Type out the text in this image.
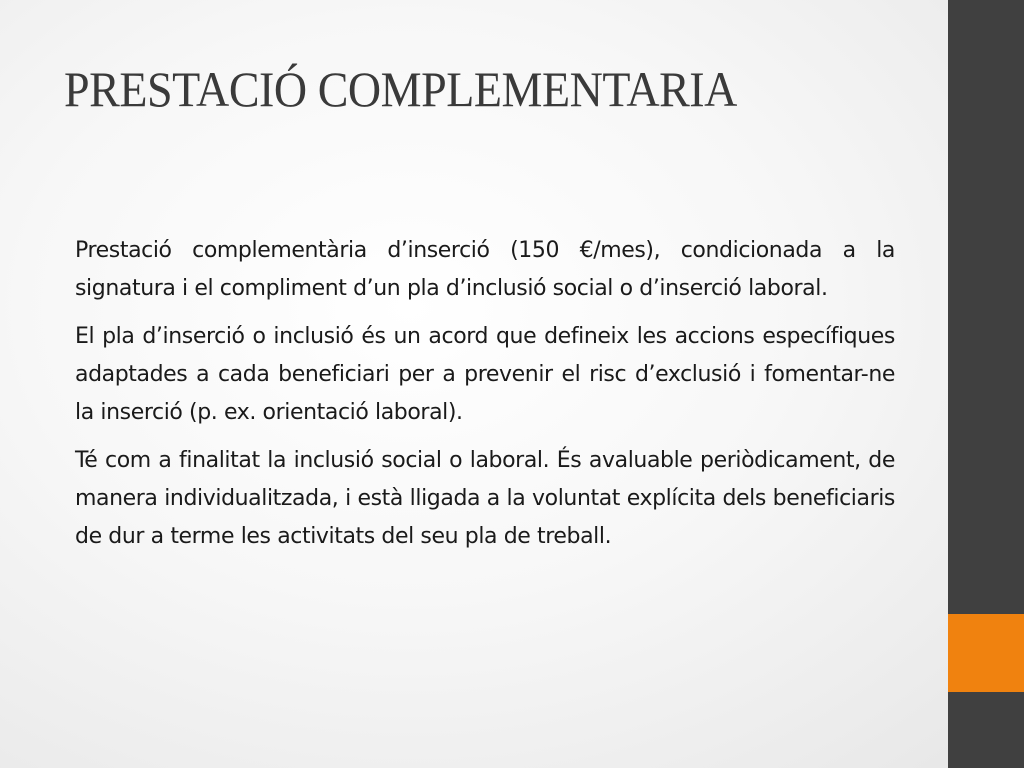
PRESTACIÓ COMPLEMENTARIA

Prestació complementària d’inserció (150 €/mes), condicionada a la signatura i el compliment d’un pla d’inclusió social o d’inserció laboral.

El pla d’inserció o inclusió és un acord que defineix les accions específiques adaptades a cada beneficiari per a prevenir el risc d’exclusió i fomentar-ne la inserció (p. ex. orientació laboral).

Té com a finalitat la inclusió social o laboral. És avaluable periòdicament, de manera individualitzada, i està lligada a la voluntat explícita dels beneficiaris de dur a terme les activitats del seu pla de treball.
